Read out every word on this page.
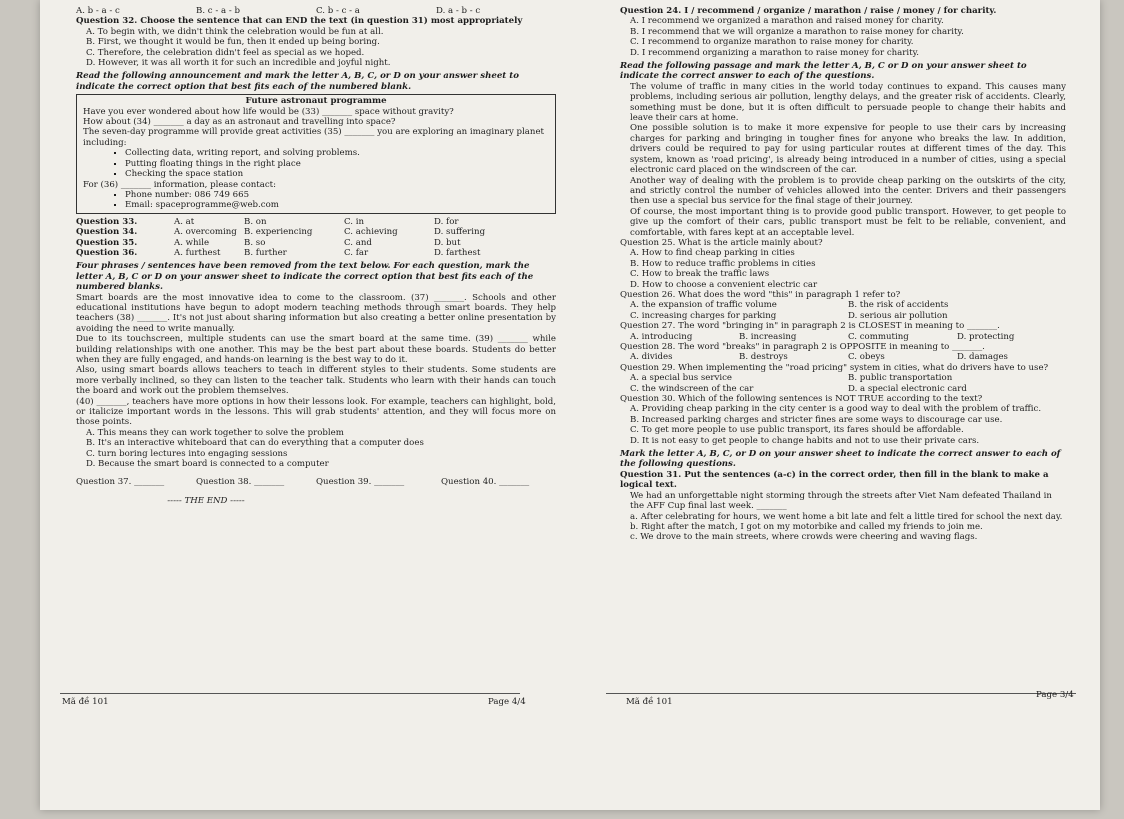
A. b - a - c	B. c - a - b	C. b - c - a	D. a - b - c

Question 32. Choose the sentence that can END the text (in question 31) most appropriately

A. To begin with, we didn't think the celebration would be fun at all.

B. First, we thought it would be fun, then it ended up being boring.

C. Therefore, the celebration didn't feel as special as we hoped.

D. However, it was all worth it for such an incredible and joyful night.

Read the following announcement and mark the letter A, B, C, or D on your answer sheet to indicate the correct option that best fits each of the numbered blank.

Future astronaut programme

Have you ever wondered about how life would be (33) _______ space without gravity?

How about (34) _______ a day as an astronaut and travelling into space?

The seven-day programme will provide great activities (35) _______ you are exploring an imaginary planet including:

▪ Collecting data, writing report, and solving problems.
▪ Putting floating things in the right place
▪ Checking the space station

For (36) _______ information, please contact:

▪ Phone number: 086 749 665
▪ Email: spaceprogramme@web.com
Question 33.	A. at	B. on	C. in	D. for
Question 34.	A. overcoming B. experiencing	C. achieving	D. suffering
Question 35.	A. while	B. so	C. and	D. but
Question 36.	A. furthest	B. further	C. far	D. farthest

Four phrases / sentences have been removed from the text below. For each question, mark the letter A, B, C or D on your answer sheet to indicate the correct option that best fits each of the numbered blanks.

Smart boards are the most innovative idea to come to the classroom. (37) _______. Schools and other educational institutions have begun to adopt modern teaching methods through smart boards. They help teachers (38) _______. It's not just about sharing information but also creating a better online presentation by avoiding the need to write manually.

Due to its touchscreen, multiple students can use the smart board at the same time. (39) _______ while building relationships with one another. This may be the best part about these boards. Students do better when they are fully engaged, and hands-on learning is the best way to do it.

Also, using smart boards allows teachers to teach in different styles to their students. Some students are more verbally inclined, so they can listen to the teacher talk. Students who learn with their hands can touch the board and work out the problem themselves.

(40) _______, teachers have more options in how their lessons look. For example, teachers can highlight, bold, or italicize important words in the lessons. This will grab students' attention, and they will focus more on those points.

A. This means they can work together to solve the problem

B. It's an interactive whiteboard that can do everything that a computer does

C. turn boring lectures into engaging sessions

D. Because the smart board is connected to a computer

Question 37. _______	Question 38. _______	Question 39. _______	Question 40. _______
----- THE END -----
Mã đề 101	Page 4/4

Question 24. I / recommend / organize / marathon / raise / money / for charity.

A. I recommend we organized a marathon and raised money for charity.

B. I recommend that we will organize a marathon to raise money for charity.

C. I recommend to organize marathon to raise money for charity.

D. I recommend organizing a marathon to raise money for charity.

Read the following passage and mark the letter A, B, C or D on your answer sheet to indicate the correct answer to each of the questions.

The volume of traffic in many cities in the world today continues to expand. This causes many problems, including serious air pollution, lengthy delays, and the greater risk of accidents. Clearly, something must be done, but it is often difficult to persuade people to change their habits and leave their cars at home.

One possible solution is to make it more expensive for people to use their cars by increasing charges for parking and bringing in tougher fines for anyone who breaks the law. In addition, drivers could be required to pay for using particular routes at different times of the day. This system, known as 'road pricing', is already being introduced in a number of cities, using a special electronic card placed on the windscreen of the car.

Another way of dealing with the problem is to provide cheap parking on the outskirts of the city, and strictly control the number of vehicles allowed into the center. Drivers and their passengers then use a special bus service for the final stage of their journey.

Of course, the most important thing is to provide good public transport. However, to get people to give up the comfort of their cars, public transport must be felt to be reliable, convenient, and comfortable, with fares kept at an acceptable level.

Question 25. What is the article mainly about?

A. How to find cheap parking in cities

B. How to reduce traffic problems in cities

C. How to break the traffic laws

D. How to choose a convenient electric car

Question 26. What does the word "this" in paragraph 1 refer to?

A. the expansion of traffic volume	B. the risk of accidents
C. increasing charges for parking	D. serious air pollution

Question 27. The word "bringing in" in paragraph 2 is CLOSEST in meaning to _______.

A. introducing	B. increasing	C. commuting	D. protecting

Question 28. The word "breaks" in paragraph 2 is OPPOSITE in meaning to _______.

A. divides	B. destroys	C. obeys	D. damages

Question 29. When implementing the "road pricing" system in cities, what do drivers have to use?

A. a special bus service	B. public transportation
C. the windscreen of the car	D. a special electronic card

Question 30. Which of the following sentences is NOT TRUE according to the text?

A. Providing cheap parking in the city center is a good way to deal with the problem of traffic.

B. Increased parking charges and stricter fines are some ways to discourage car use.

C. To get more people to use public transport, its fares should be affordable.

D. It is not easy to get people to change habits and not to use their private cars.

Mark the letter A, B, C, or D on your answer sheet to indicate the correct answer to each of the following questions.

Question 31. Put the sentences (a-c) in the correct order, then fill in the blank to make a logical text.

We had an unforgettable night storming through the streets after Viet Nam defeated Thailand in the AFF Cup final last week. _______

a. After celebrating for hours, we went home a bit late and felt a little tired for school the next day.

b. Right after the match, I got on my motorbike and called my friends to join me.

c. We drove to the main streets, where crowds were cheering and waving flags.

Mã đề 101
Page 3/4
